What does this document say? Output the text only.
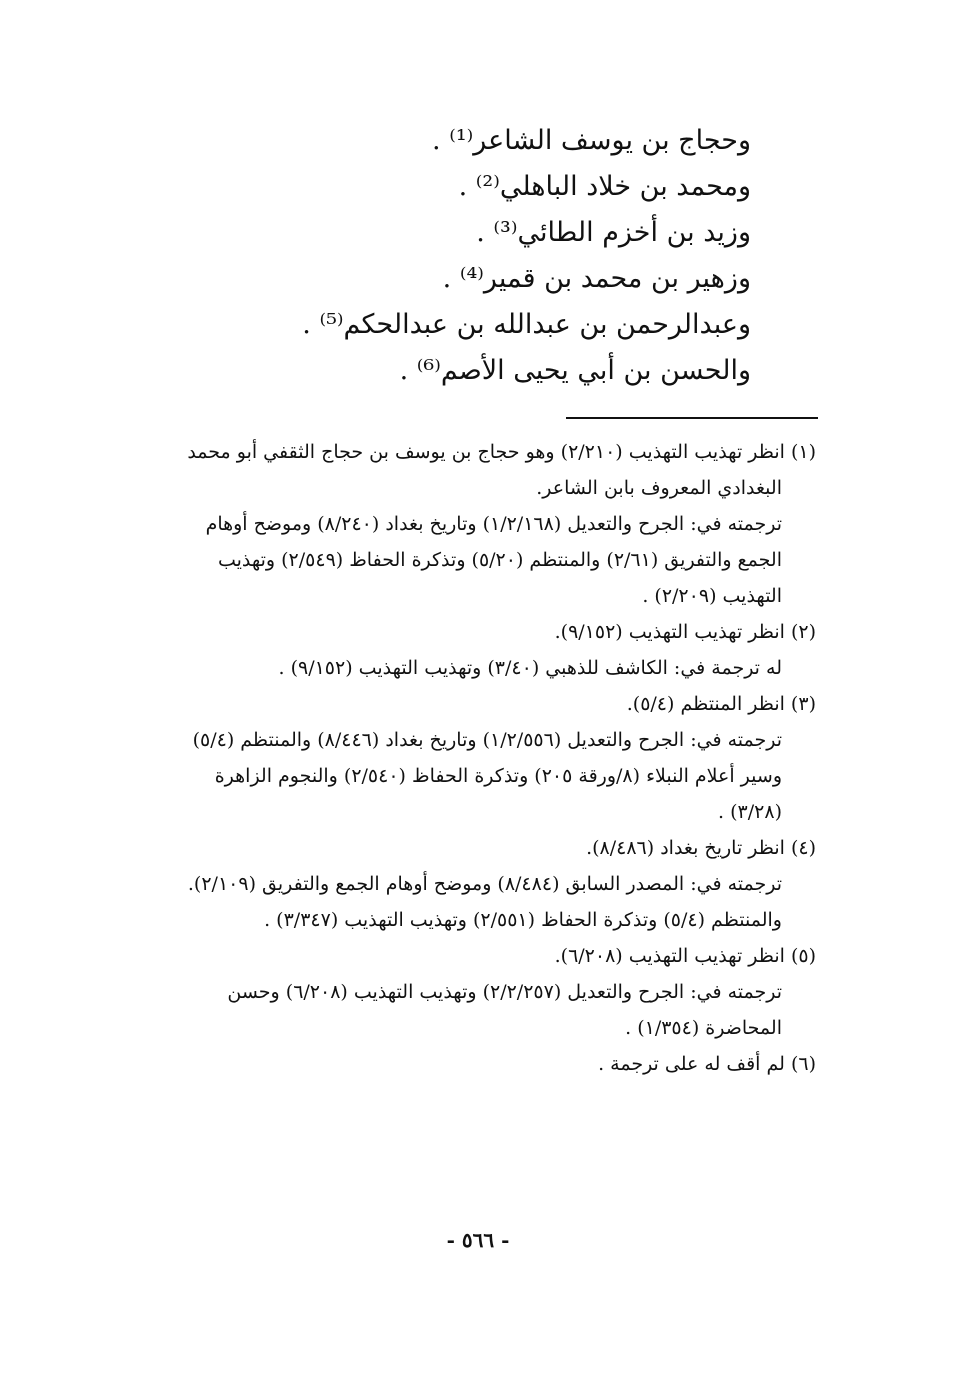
وحجاج بن يوسف الشاعر⁽¹⁾ .
ومحمد بن خلاد الباهلي⁽²⁾ .
وزيد بن أخزم الطائي⁽³⁾ .
وزهير بن محمد بن قمير⁽⁴⁾ .
وعبدالرحمن بن عبدالله بن عبدالحكم⁽⁵⁾ .
والحسن بن أبي يحيى الأصم⁽⁶⁾ .
(١) انظر تهذيب التهذيب (٢/٢١٠) وهو حجاج بن يوسف بن حجاج الثقفي أبو محمد
البغدادي المعروف بابن الشاعر.
ترجمته في: الجرح والتعديل (١/٢/١٦٨) وتاريخ بغداد (٨/٢٤٠) وموضح أوهام
الجمع والتفريق (٢/٦١) والمنتظم (٥/٢٠) وتذكرة الحفاظ (٢/٥٤٩) وتهذيب
التهذيب (٢/٢٠٩) .
(٢) انظر تهذيب التهذيب (٩/١٥٢).
له ترجمة في: الكاشف للذهبي (٣/٤٠) وتهذيب التهذيب (٩/١٥٢) .
(٣) انظر المنتظم (٥/٤).
ترجمته في: الجرح والتعديل (١/٢/٥٥٦) وتاريخ بغداد (٨/٤٤٦) والمنتظم (٥/٤)
وسير أعلام النبلاء (٨/ورقة ٢٠٥) وتذكرة الحفاظ (٢/٥٤٠) والنجوم الزاهرة
(٣/٢٨) .
(٤) انظر تاريخ بغداد (٨/٤٨٦).
ترجمته في: المصدر السابق (٨/٤٨٤) وموضح أوهام الجمع والتفريق (٢/١٠٩).
والمنتظم (٥/٤) وتذكرة الحفاظ (٢/٥٥١) وتهذيب التهذيب (٣/٣٤٧) .
(٥) انظر تهذيب التهذيب (٦/٢٠٨).
ترجمته في: الجرح والتعديل (٢/٢/٢٥٧) وتهذيب التهذيب (٦/٢٠٨) وحسن
المحاضرة (١/٣٥٤) .
(٦) لم أقف له على ترجمة .
- ٥٦٦ -
